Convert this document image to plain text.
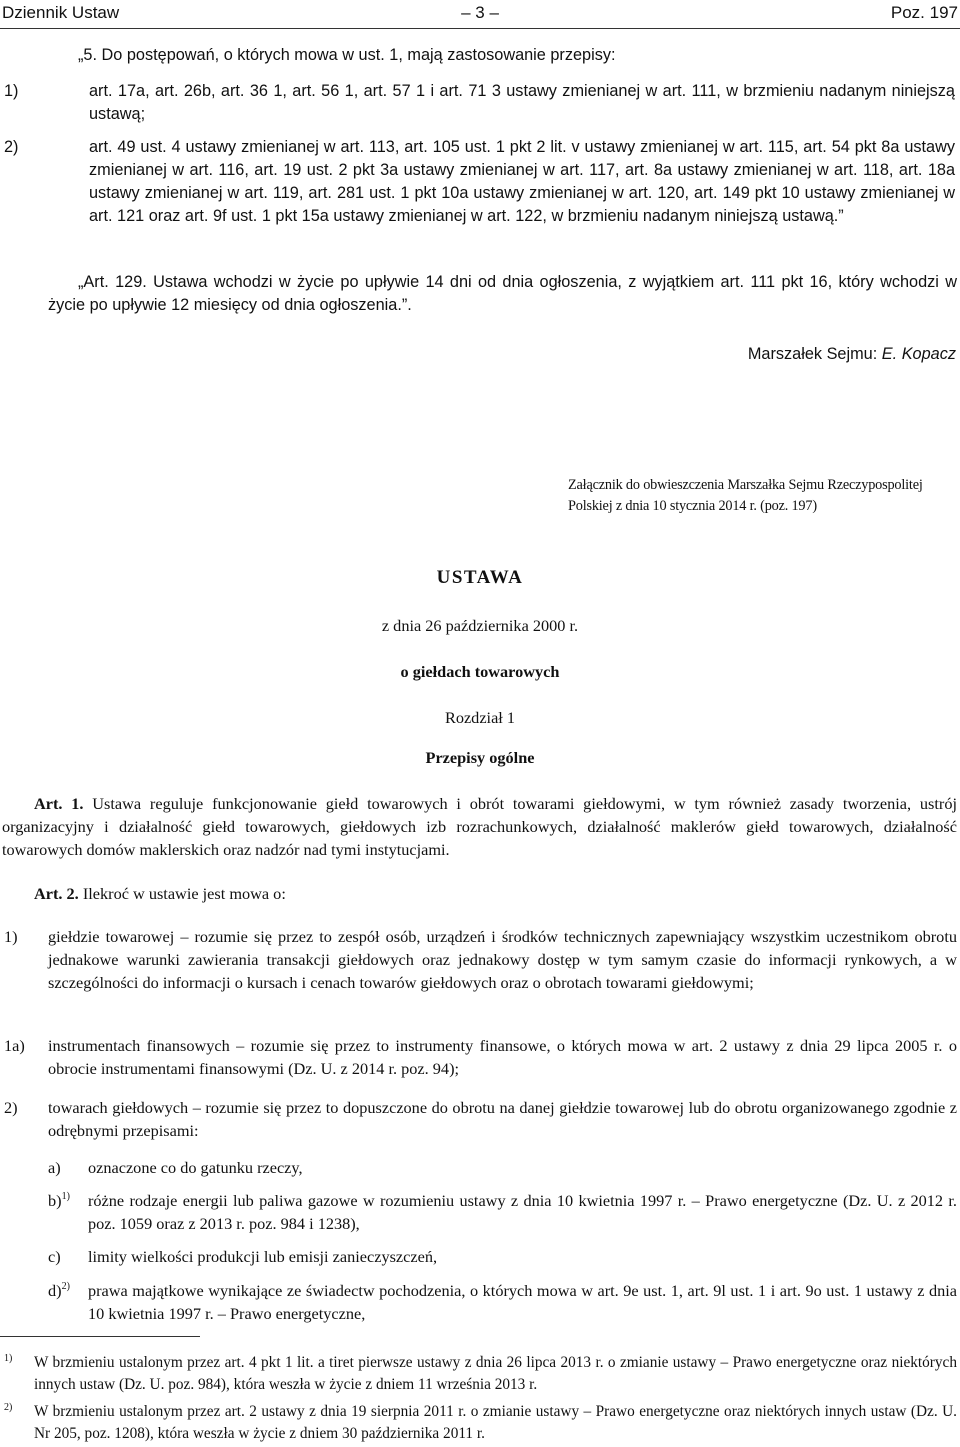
Dziennik Ustaw	– 3 –	Poz. 197
„5. Do postępowań, o których mowa w ust. 1, mają zastosowanie przepisy:
1)	art. 17a, art. 26b, art. 36 1, art. 56 1, art. 57 1 i art. 71 3 ustawy zmienianej w art. 111, w brzmieniu nadanym niniejszą ustawą;
2)	art. 49 ust. 4 ustawy zmienianej w art. 113, art. 105 ust. 1 pkt 2 lit. v ustawy zmienianej w art. 115, art. 54 pkt 8a ustawy zmienianej w art. 116, art. 19 ust. 2 pkt 3a ustawy zmienianej w art. 117, art. 8a ustawy zmienianej w art. 118, art. 18a ustawy zmienianej w art. 119, art. 281 ust. 1 pkt 10a ustawy zmienianej w art. 120, art. 149 pkt 10 ustawy zmienianej w art. 121 oraz art. 9f ust. 1 pkt 15a ustawy zmienianej w art. 122, w brzmieniu nadanym niniejszą ustawą.”
„Art. 129. Ustawa wchodzi w życie po upływie 14 dni od dnia ogłoszenia, z wyjątkiem art. 111 pkt 16, który wchodzi w życie po upływie 12 miesięcy od dnia ogłoszenia.”.
Marszałek Sejmu: E. Kopacz
Załącznik do obwieszczenia Marszałka Sejmu Rzeczypospolitej Polskiej z dnia 10 stycznia 2014 r. (poz. 197)
USTAWA
z dnia 26 października 2000 r.
o giełdach towarowych
Rozdział 1
Przepisy ogólne
Art. 1. Ustawa reguluje funkcjonowanie giełd towarowych i obrót towarami giełdowymi, w tym również zasady tworzenia, ustrój organizacyjny i działalność giełd towarowych, giełdowych izb rozrachunkowych, działalność maklerów giełd towarowych, działalność towarowych domów maklerskich oraz nadzór nad tymi instytucjami.
Art. 2. Ilekroć w ustawie jest mowa o:
1) giełdzie towarowej – rozumie się przez to zespół osób, urządzeń i środków technicznych zapewniający wszystkim uczestnikom obrotu jednakowe warunki zawierania transakcji giełdowych oraz jednakowy dostęp w tym samym czasie do informacji rynkowych, a w szczególności do informacji o kursach i cenach towarów giełdowych oraz o obrotach towarami giełdowymi;
1a) instrumentach finansowych – rozumie się przez to instrumenty finansowe, o których mowa w art. 2 ustawy z dnia 29 lipca 2005 r. o obrocie instrumentami finansowymi (Dz. U. z 2014 r. poz. 94);
2) towarach giełdowych – rozumie się przez to dopuszczone do obrotu na danej giełdzie towarowej lub do obrotu organizowanego zgodnie z odrębnymi przepisami:
a) oznaczone co do gatunku rzeczy,
b)$^{1)}$ różne rodzaje energii lub paliwa gazowe w rozumieniu ustawy z dnia 10 kwietnia 1997 r. – Prawo energetyczne (Dz. U. z 2012 r. poz. 1059 oraz z 2013 r. poz. 984 i 1238),
c) limity wielkości produkcji lub emisji zanieczyszczeń,
d)$^{2)}$ prawa majątkowe wynikające ze świadectw pochodzenia, o których mowa w art. 9e ust. 1, art. 9l ust. 1 i art. 9o ust. 1 ustawy z dnia 10 kwietnia 1997 r. – Prawo energetyczne,
1) W brzmieniu ustalonym przez art. 4 pkt 1 lit. a tiret pierwsze ustawy z dnia 26 lipca 2013 r. o zmianie ustawy – Prawo energetyczne oraz niektórych innych ustaw (Dz. U. poz. 984), która weszła w życie z dniem 11 września 2013 r.
2) W brzmieniu ustalonym przez art. 2 ustawy z dnia 19 sierpnia 2011 r. o zmianie ustawy – Prawo energetyczne oraz niektórych innych ustaw (Dz. U. Nr 205, poz. 1208), która weszła w życie z dniem 30 października 2011 r.
